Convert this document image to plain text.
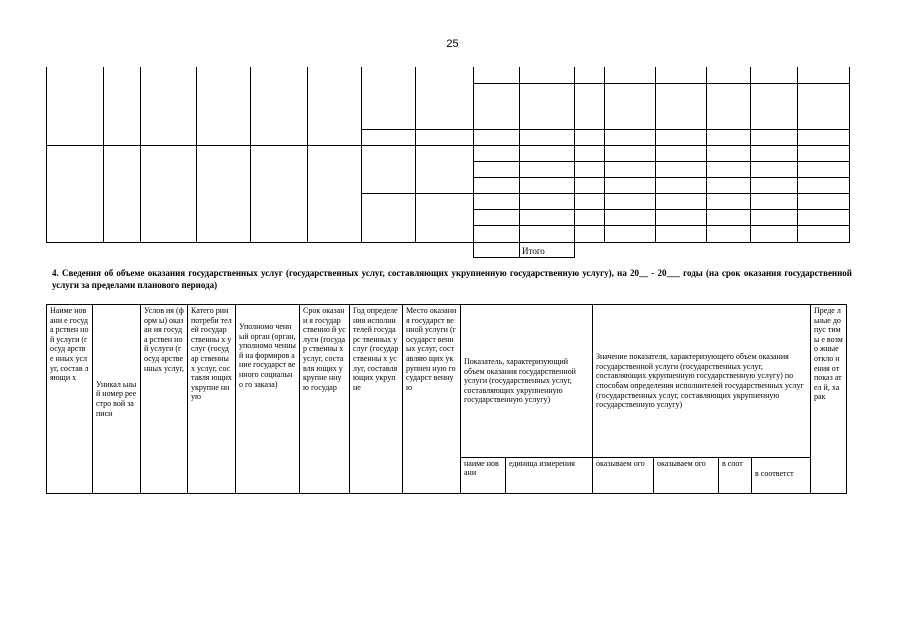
25
Итого
4. Сведения об объеме оказания государственных услуг (государственных услуг, составляющих укрупненную государственную услугу), на 20__ - 20___ годы (на срок оказания государственной услуги за пределами планового периода)
Наиме новани е госуда рствен ной услуги (госуд арстве нных услуг, состав ляющи х	Уникал ьный номер реестро вой записи	Услов ия (форм ы) оказан ия госуда рствен ной услуги (госуд арстве нных услуг,	Катего рии потреби телей государ ственны х услуг (государ ственны х услуг, составля ющих укрупне нную	Уполномо ченный орган (орган, уполномо ченный на формиров ание государст венного социально го заказа)	Срок оказани я государ ственно й услуги (государ ственны х услуг, составля ющих укрупне нную государ	Год определе ния исполни телей государс твенных услуг (государ ственны х услуг, составля ющих укрупне	Место оказания государст венной услуги (государст венных услуг, составляю щих укрупнен ную государст венную	Показатель, характеризующий объем оказания государственной услуги (государственных услуг, составляющих укрупненную государственную услугу)		Значение показателя, характеризующего объем оказания государственной услуги (государственных услуг, составляющих укрупненную государственную услугу) по способам определения исполнителей государственных услуг (государственных услуг, составляющих укрупненную государственную услугу)				Преде льные допус тимы е возмо жные откло нения от показ ател й, харак

								наиме новани	единица измерения	оказываем ого	оказываем ого	в соот	в соответст	
